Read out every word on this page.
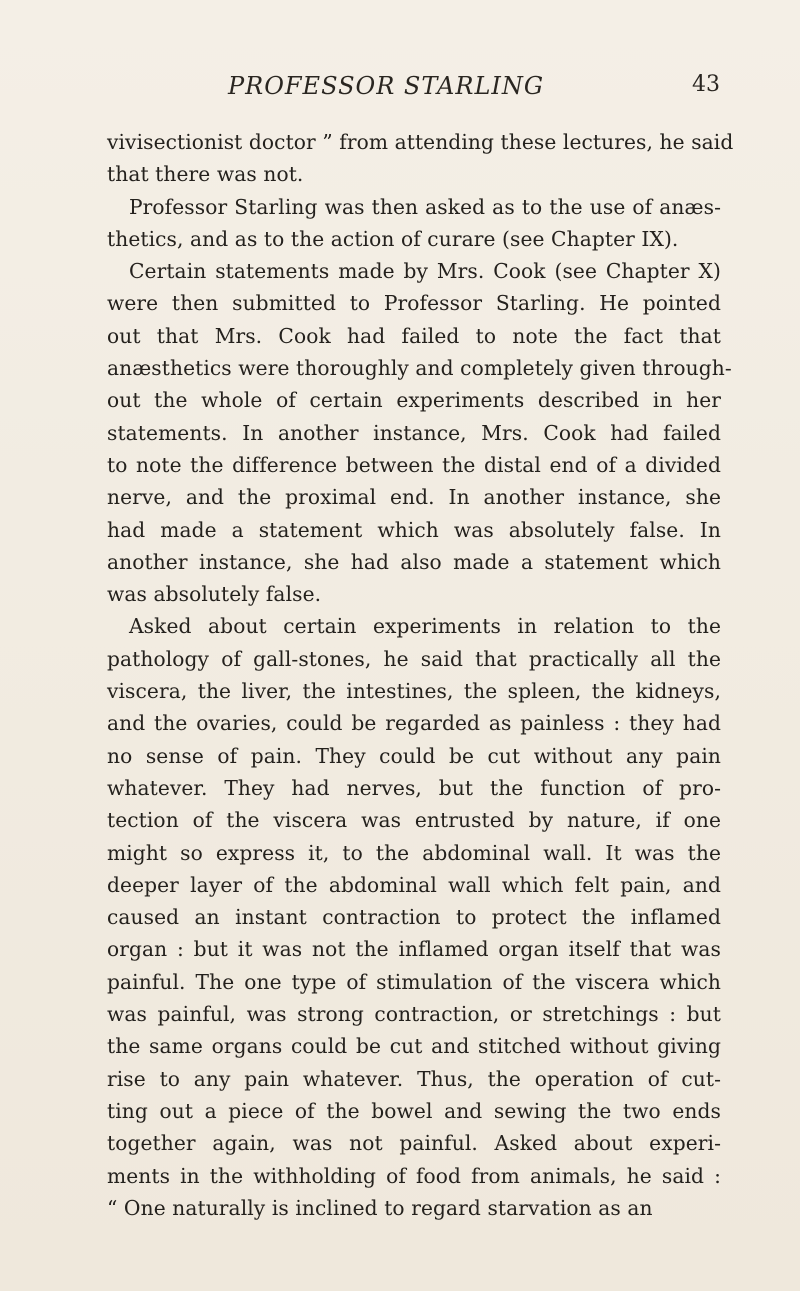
PROFESSOR STARLING	43
vivisectionist doctor ” from attending these lectures, he said
that there was not.
Professor Starling was then asked as to the use of anæs-
thetics, and as to the action of curare (see Chapter IX).
Certain statements made by Mrs. Cook (see Chapter X)
were then submitted to Professor Starling. He pointed
out that Mrs. Cook had failed to note the fact that
anæsthetics were thoroughly and completely given through-
out the whole of certain experiments described in her
statements. In another instance, Mrs. Cook had failed
to note the difference between the distal end of a divided
nerve, and the proximal end. In another instance, she
had made a statement which was absolutely false. In
another instance, she had also made a statement which
was absolutely false.
Asked about certain experiments in relation to the
pathology of gall-stones, he said that practically all the
viscera, the liver, the intestines, the spleen, the kidneys,
and the ovaries, could be regarded as painless : they had
no sense of pain. They could be cut without any pain
whatever. They had nerves, but the function of pro-
tection of the viscera was entrusted by nature, if one
might so express it, to the abdominal wall. It was the
deeper layer of the abdominal wall which felt pain, and
caused an instant contraction to protect the inflamed
organ : but it was not the inflamed organ itself that was
painful. The one type of stimulation of the viscera which
was painful, was strong contraction, or stretchings : but
the same organs could be cut and stitched without giving
rise to any pain whatever. Thus, the operation of cut-
ting out a piece of the bowel and sewing the two ends
together again, was not painful. Asked about experi-
ments in the withholding of food from animals, he said :
“ One naturally is inclined to regard starvation as an
